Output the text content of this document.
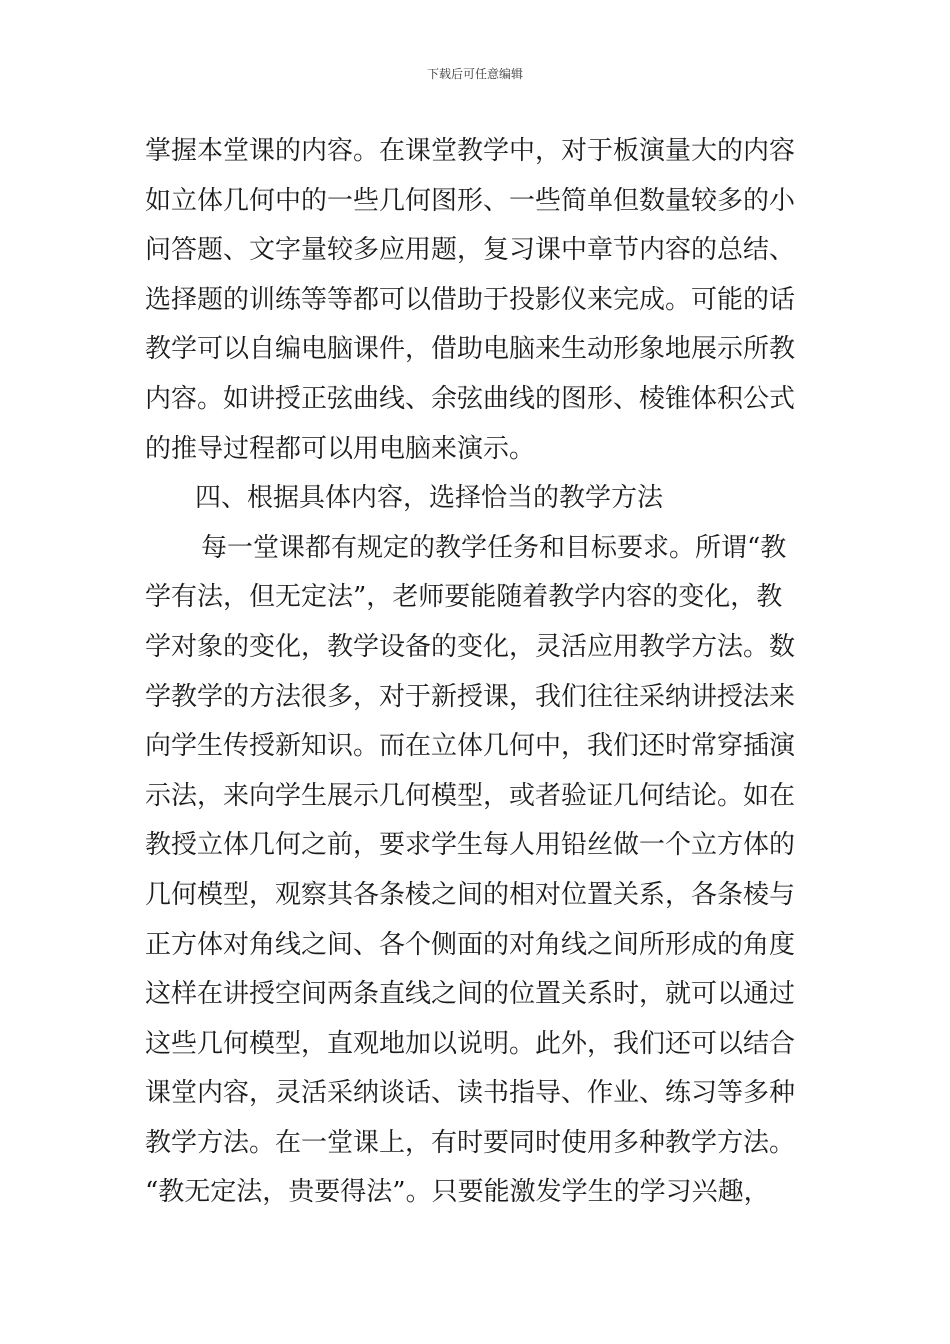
下载后可任意编辑
掌握本堂课的内容。在课堂教学中，对于板演量大的内容
如立体几何中的一些几何图形、一些简单但数量较多的小
问答题、文字量较多应用题，复习课中章节内容的总结、
选择题的训练等等都可以借助于投影仪来完成。可能的话
教学可以自编电脑课件，借助电脑来生动形象地展示所教
内容。如讲授正弦曲线、余弦曲线的图形、棱锥体积公式
的推导过程都可以用电脑来演示。
四、根据具体内容，选择恰当的教学方法
每一堂课都有规定的教学任务和目标要求。所谓“教
学有法，但无定法”，老师要能随着教学内容的变化，教
学对象的变化，教学设备的变化，灵活应用教学方法。数
学教学的方法很多，对于新授课，我们往往采纳讲授法来
向学生传授新知识。而在立体几何中，我们还时常穿插演
示法，来向学生展示几何模型，或者验证几何结论。如在
教授立体几何之前，要求学生每人用铅丝做一个立方体的
几何模型，观察其各条棱之间的相对位置关系，各条棱与
正方体对角线之间、各个侧面的对角线之间所形成的角度
这样在讲授空间两条直线之间的位置关系时，就可以通过
这些几何模型，直观地加以说明。此外，我们还可以结合
课堂内容，灵活采纳谈话、读书指导、作业、练习等多种
教学方法。在一堂课上，有时要同时使用多种教学方法。
“教无定法，贵要得法”。只要能激发学生的学习兴趣，
